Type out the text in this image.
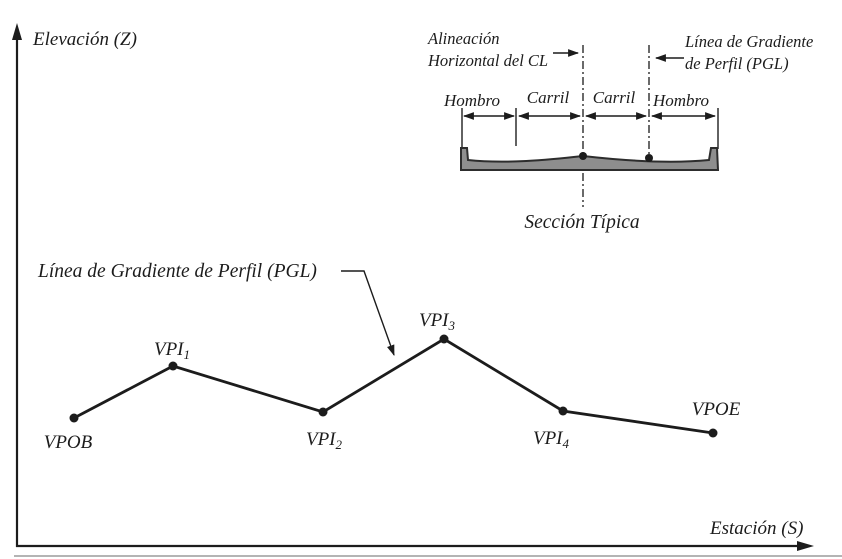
Elevación (Z)
Estación (S)
VPOB
$VPI_1$
$VPI_2$
$VPI_3$
$VPI_4$
VPOE
Línea de Gradiente de Perfil (PGL)
Hombro Carril Carril Hombro
Alineación
Horizontal del CL
Línea de Gradiente
de Perfil (PGL)
Sección Típica
